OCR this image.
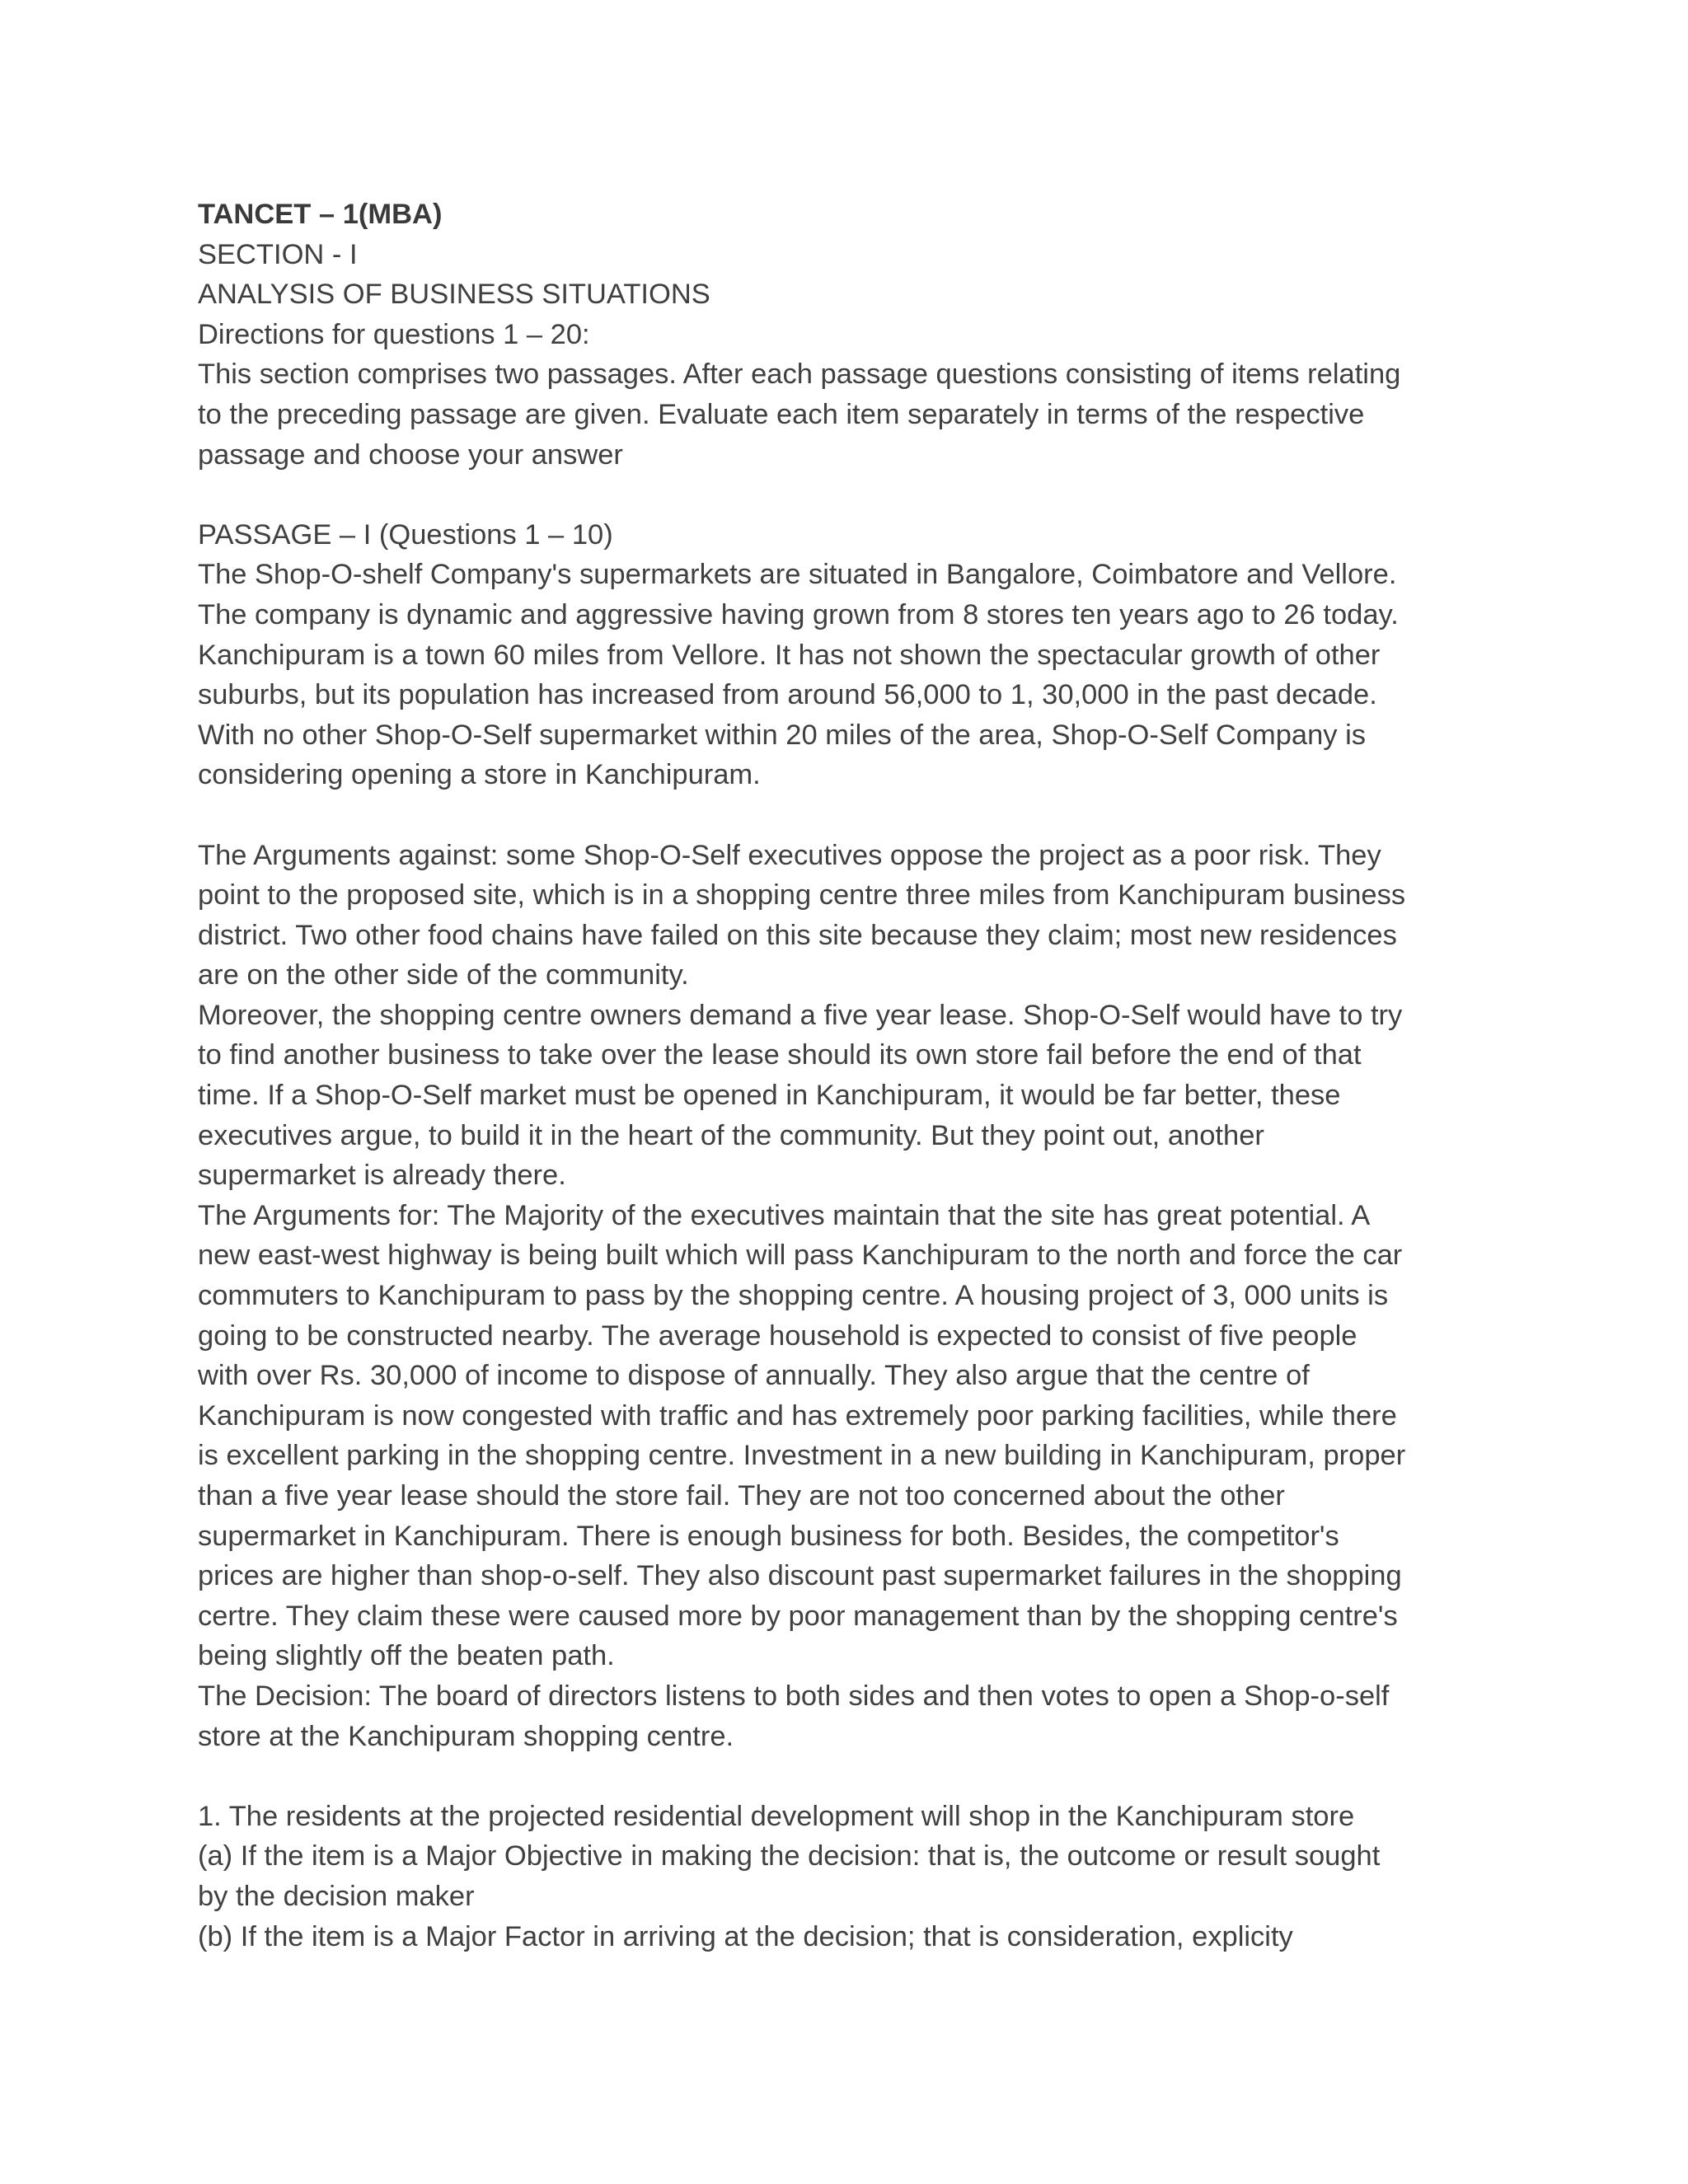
TANCET – 1(MBA)
SECTION - I
ANALYSIS OF BUSINESS SITUATIONS
Directions for questions 1 – 20:
This section comprises two passages. After each passage questions consisting of items relating
to the preceding passage are given. Evaluate each item separately in terms of the respective
passage and choose your answer
PASSAGE – I (Questions 1 – 10)
The Shop-O-shelf Company's supermarkets are situated in Bangalore, Coimbatore and Vellore.
The company is dynamic and aggressive having grown from 8 stores ten years ago to 26 today.
Kanchipuram is a town 60 miles from Vellore. It has not shown the spectacular growth of other
suburbs, but its population has increased from around 56,000 to 1, 30,000 in the past decade.
With no other Shop-O-Self supermarket within 20 miles of the area, Shop-O-Self Company is
considering opening a store in Kanchipuram.
The Arguments against: some Shop-O-Self executives oppose the project as a poor risk. They
point to the proposed site, which is in a shopping centre three miles from Kanchipuram business
district. Two other food chains have failed on this site because they claim; most new residences
are on the other side of the community.
Moreover, the shopping centre owners demand a five year lease. Shop-O-Self would have to try
to find another business to take over the lease should its own store fail before the end of that
time. If a Shop-O-Self market must be opened in Kanchipuram, it would be far better, these
executives argue, to build it in the heart of the community. But they point out, another
supermarket is already there.
The Arguments for: The Majority of the executives maintain that the site has great potential. A
new east-west highway is being built which will pass Kanchipuram to the north and force the car
commuters to Kanchipuram to pass by the shopping centre. A housing project of 3, 000 units is
going to be constructed nearby. The average household is expected to consist of five people
with over Rs. 30,000 of income to dispose of annually. They also argue that the centre of
Kanchipuram is now congested with traffic and has extremely poor parking facilities, while there
is excellent parking in the shopping centre. Investment in a new building in Kanchipuram, proper
than a five year lease should the store fail. They are not too concerned about the other
supermarket in Kanchipuram. There is enough business for both. Besides, the competitor's
prices are higher than shop-o-self. They also discount past supermarket failures in the shopping
certre. They claim these were caused more by poor management than by the shopping centre's
being slightly off the beaten path.
The Decision: The board of directors listens to both sides and then votes to open a Shop-o-self
store at the Kanchipuram shopping centre.
1. The residents at the projected residential development will shop in the Kanchipuram store
(a) If the item is a Major Objective in making the decision: that is, the outcome or result sought
by the decision maker
(b) If the item is a Major Factor in arriving at the decision; that is consideration, explicity
